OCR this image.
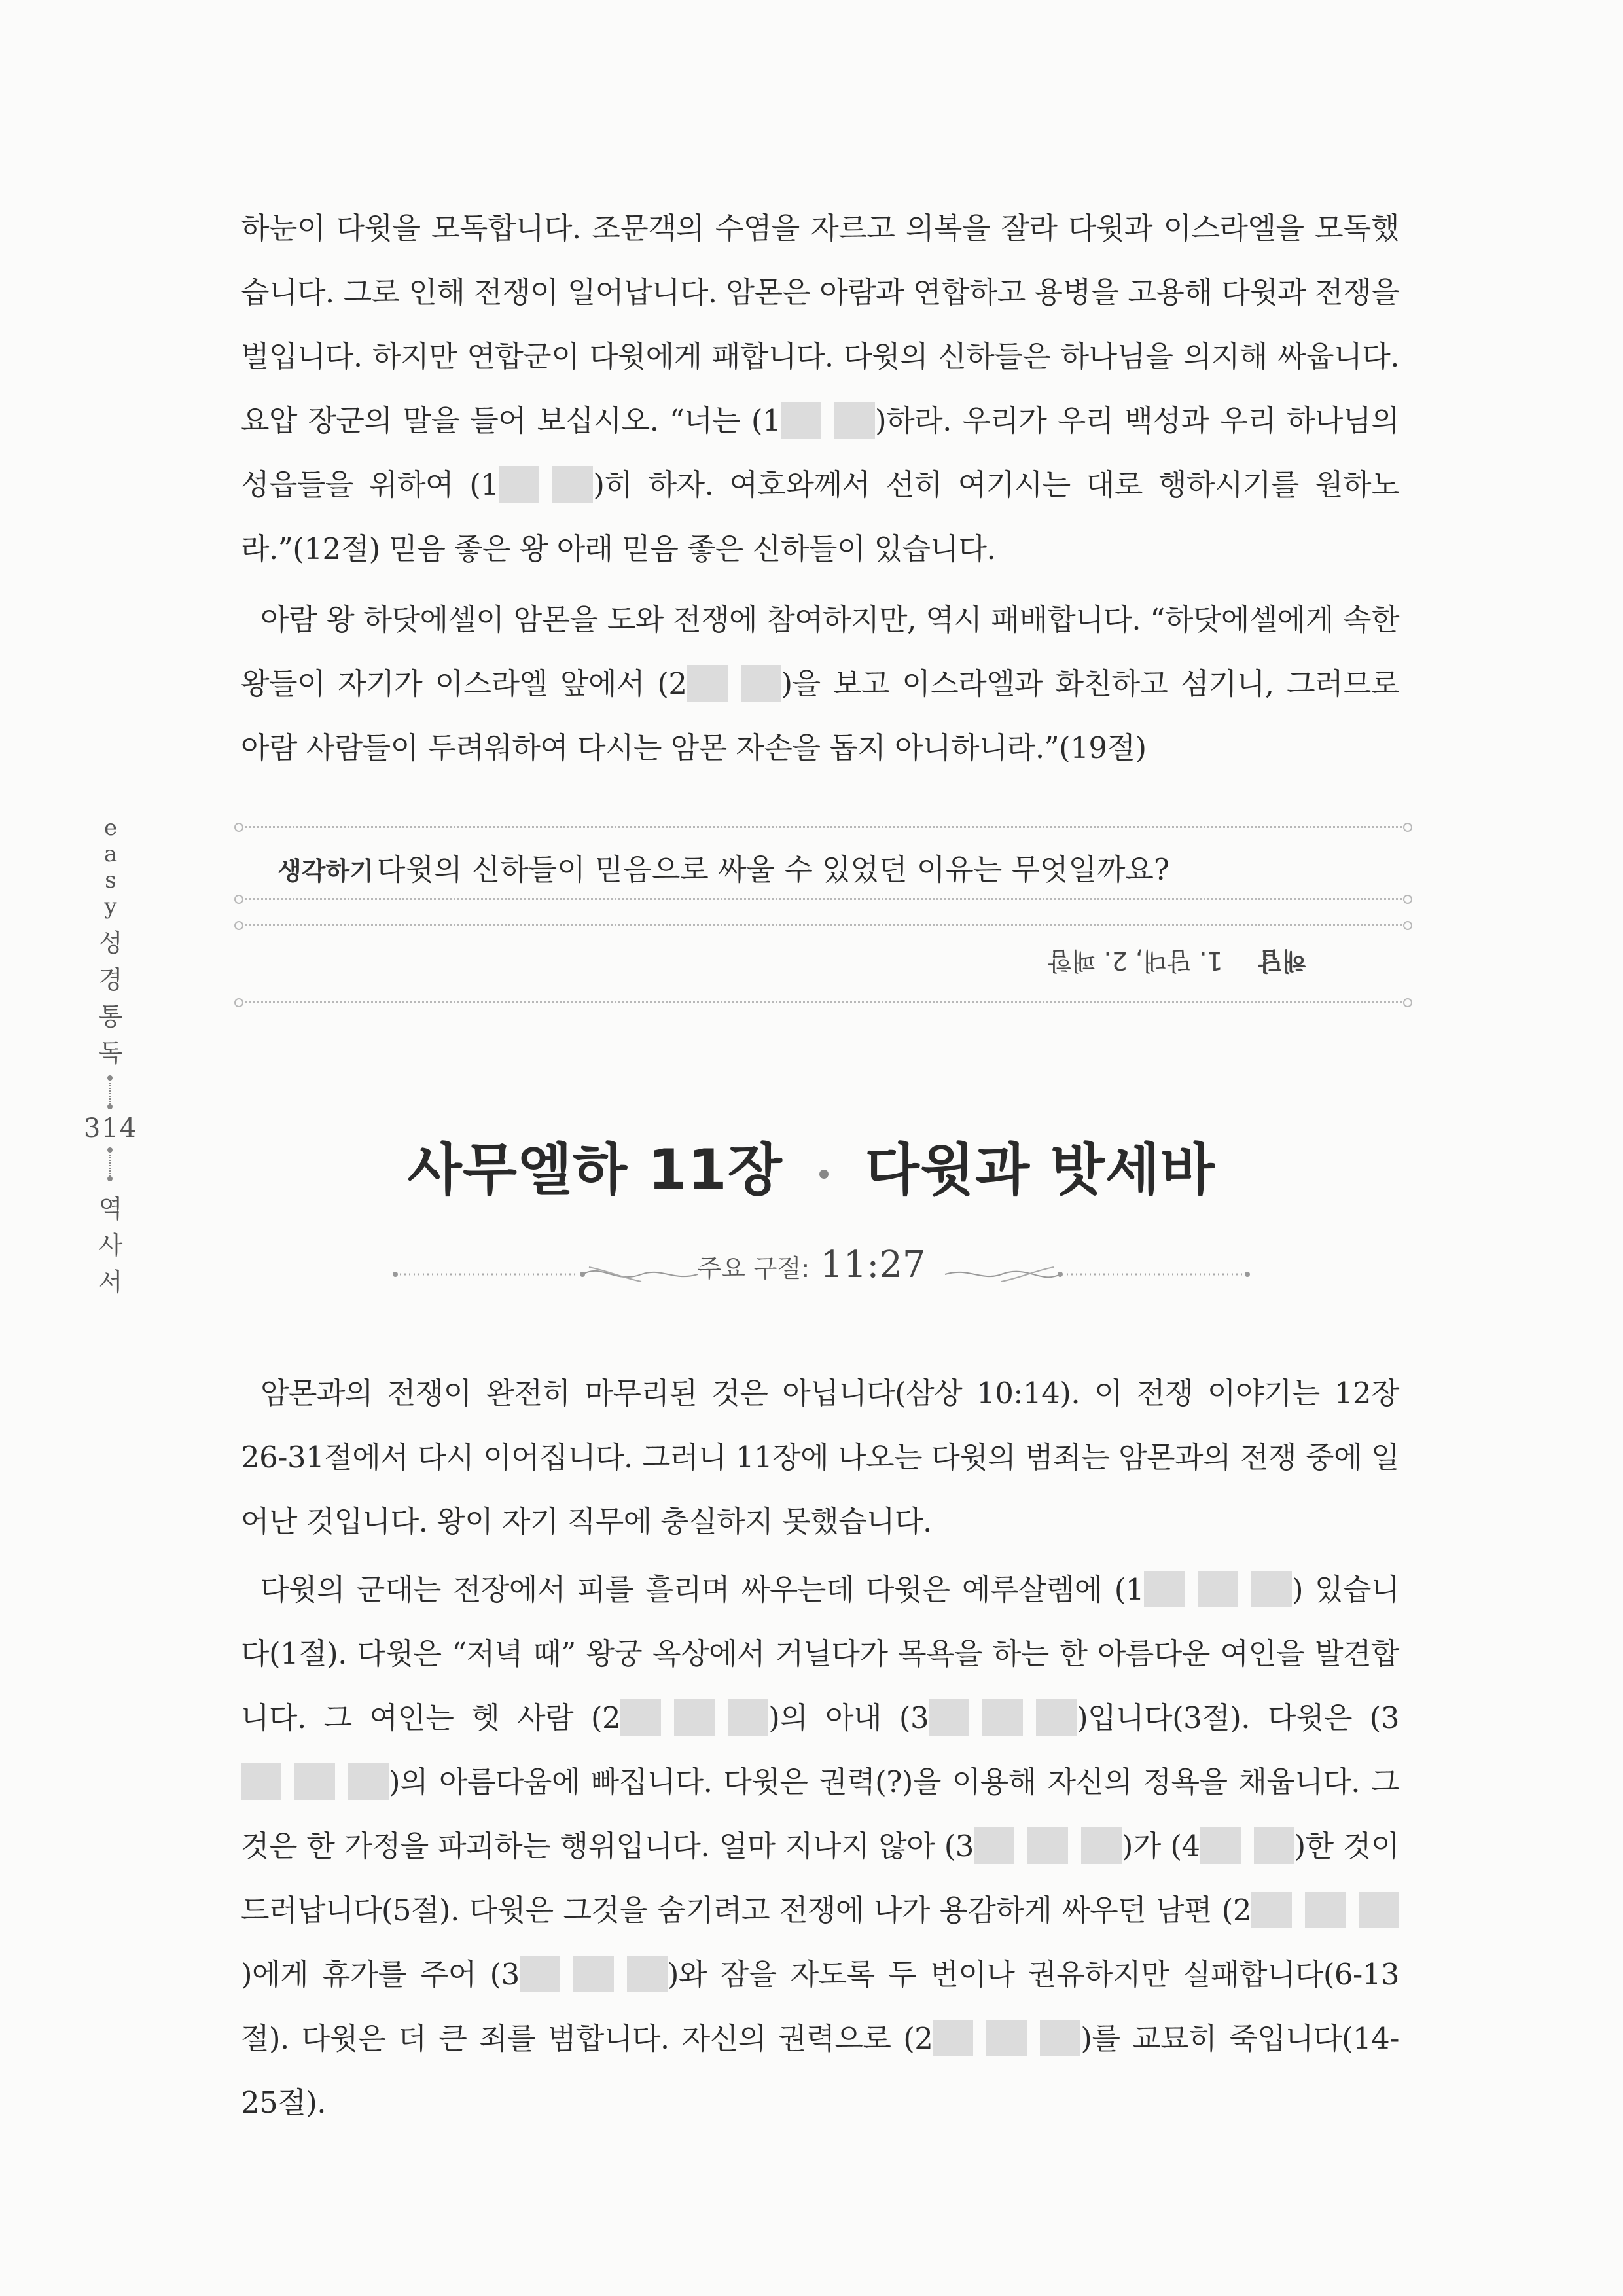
e
a
s
y
성
경
통
독
314
역
사
서
하눈이 다윗을 모독합니다. 조문객의 수염을 자르고 의복을 잘라 다윗과 이스라엘을 모독했습니다. 그로 인해 전쟁이 일어납니다. 암몬은 아람과 연합하고 용병을 고용해 다윗과 전쟁을 벌입니다. 하지만 연합군이 다윗에게 패합니다. 다윗의 신하들은 하나님을 의지해 싸웁니다. 요압 장군의 말을 들어 보십시오. “너는 (1	)하라. 우리가 우리 백성과 우리 하나님의 성읍들을 위하여 (1	)히 하자. 여호와께서 선히 여기시는 대로 행하시기를 원하노라.”(12절) 믿음 좋은 왕 아래 믿음 좋은 신하들이 있습니다.
아람 왕 하닷에셀이 암몬을 도와 전쟁에 참여하지만, 역시 패배합니다. “하닷에셀에게 속한 왕들이 자기가 이스라엘 앞에서 (2	)을 보고 이스라엘과 화친하고 섬기니, 그러므로 아람 사람들이 두려워하여 다시는 암몬 자손을 돕지 아니하니라.”(19절)
생각하기 다윗의 신하들이 믿음으로 싸울 수 있었던 이유는 무엇일까요?
해답1. 담대, 2. 패함
사무엘하 11장 다윗과 밧세바
주요 구절: 11:27
암몬과의 전쟁이 완전히 마무리된 것은 아닙니다(삼상 10:14). 이 전쟁 이야기는 12장 26-31절에서 다시 이어집니다. 그러니 11장에 나오는 다윗의 범죄는 암몬과의 전쟁 중에 일어난 것입니다. 왕이 자기 직무에 충실하지 못했습니다.
다윗의 군대는 전장에서 피를 흘리며 싸우는데 다윗은 예루살렘에 (1	) 있습니다(1절). 다윗은 “저녁 때” 왕궁 옥상에서 거닐다가 목욕을 하는 한 아름다운 여인을 발견합니다. 그 여인는 헷 사람 (2	)의 아내 (3	)입니다(3절). 다윗은 (3)의 아름다움에 빠집니다. 다윗은 권력(?)을 이용해 자신의 정욕을 채웁니다. 그것은 한 가정을 파괴하는 행위입니다. 얼마 지나지 않아 (3	)가 (4	)한 것이 드러납니다(5절). 다윗은 그것을 숨기려고 전쟁에 나가 용감하게 싸우던 남편 (2)에게 휴가를 주어 (3	)와 잠을 자도록 두 번이나 권유하지만 실패합니다(6-13절). 다윗은 더 큰 죄를 범합니다. 자신의 권력으로 (2	)를 교묘히 죽입니다(14-25절).
